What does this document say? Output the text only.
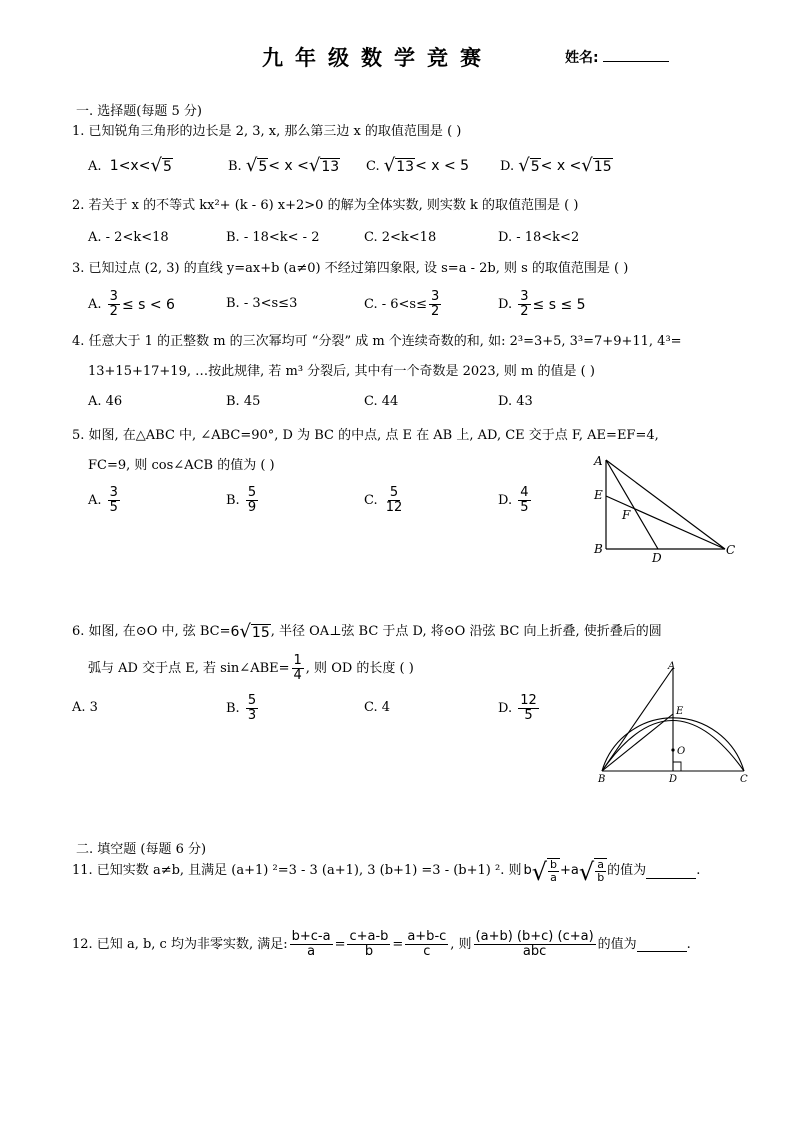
九年级数学竞赛	姓名:
一. 选择题(每题 5 分)
1. 已知锐角三角形的边长是 2, 3, x, 那么第三边 x 的取值范围是 ( )
A.
1<x< √ 5	B.
√ 5 < x < √ 13 C.
√ 13 < x < 5 D.
√ 5 < x < √ 15
2. 若关于 x 的不等式 kx²+ (k - 6) x+2>0 的解为全体实数, 则实数 k 的取值范围是 ( )
A. - 2<k<18	B. - 18<k< - 2	C. 2<k<18	D. - 18<k<2
3. 已知过点 (2, 3) 的直线 y=ax+b (a≠0) 不经过第四象限, 设 s=a - 2b, 则 s 的取值范围是 ( )
A.
$\frac{3}{2} \le s < 6$	B. - 3<s≤3	C. - $6<s\le \frac{3}{2}$	D.
$\frac{3}{2} \le s \le 5$
4. 任意大于 1 的正整数 m 的三次幂均可 “分裂” 成 m 个连续奇数的和, 如: 2³=3+5, 3³=7+9+11, 4³=
13+15+17+19, …按此规律, 若 m³ 分裂后, 其中有一个奇数是 2023, 则 m 的值是 ( )
A. 46	B. 45	C. 44	D. 43
5. 如图, 在△ABC 中, ∠ABC=90°, D 为 BC 的中点, 点 E 在 AB 上, AD, CE 交于点 F, AE=EF=4,
FC=9, 则 cos∠ACB 的值为 ( )
A.
$\frac{3}{5}$	B.
$\frac{5}{9}$	C.
$\frac{5}{12}$	D.
$\frac{4}{5}$
A
E
F
B
D
C
6. 如图, 在⊙O 中, 弦 BC= 6 √ 15 , 半径 OA⊥弦 BC 于点 D, 将⊙O 沿弦 BC 向上折叠, 使折叠后的圆
弧与 AD 交于点 E, 若 sin∠ABE= $\frac{1}{4}$ , 则 OD 的长度 ( )
A. 3	B.
$\frac{5}{3}$	C. 4	D.
$\frac{12}{5}$
A
E
O
B	D	C
二. 填空题 (每题 6 分)
11. 已知实数 a≠b, 且满足 (a+1) ²=3 - 3 (a+1), 3 (b+1) =3 - (b+1) ². 则 b √ $\frac{b}{a} +a$ √ $\frac{a}{b}$ 的值为	.
12. 已知 a, b, c 均为非零实数, 满足: $\frac{b+c-a}{a} = \frac{c+a-b}{b} = \frac{a+b-c}{c}$ , 则 $\frac{(a+b) (b+c) (c+a)}{\text{abc}}$ 的值为	.
